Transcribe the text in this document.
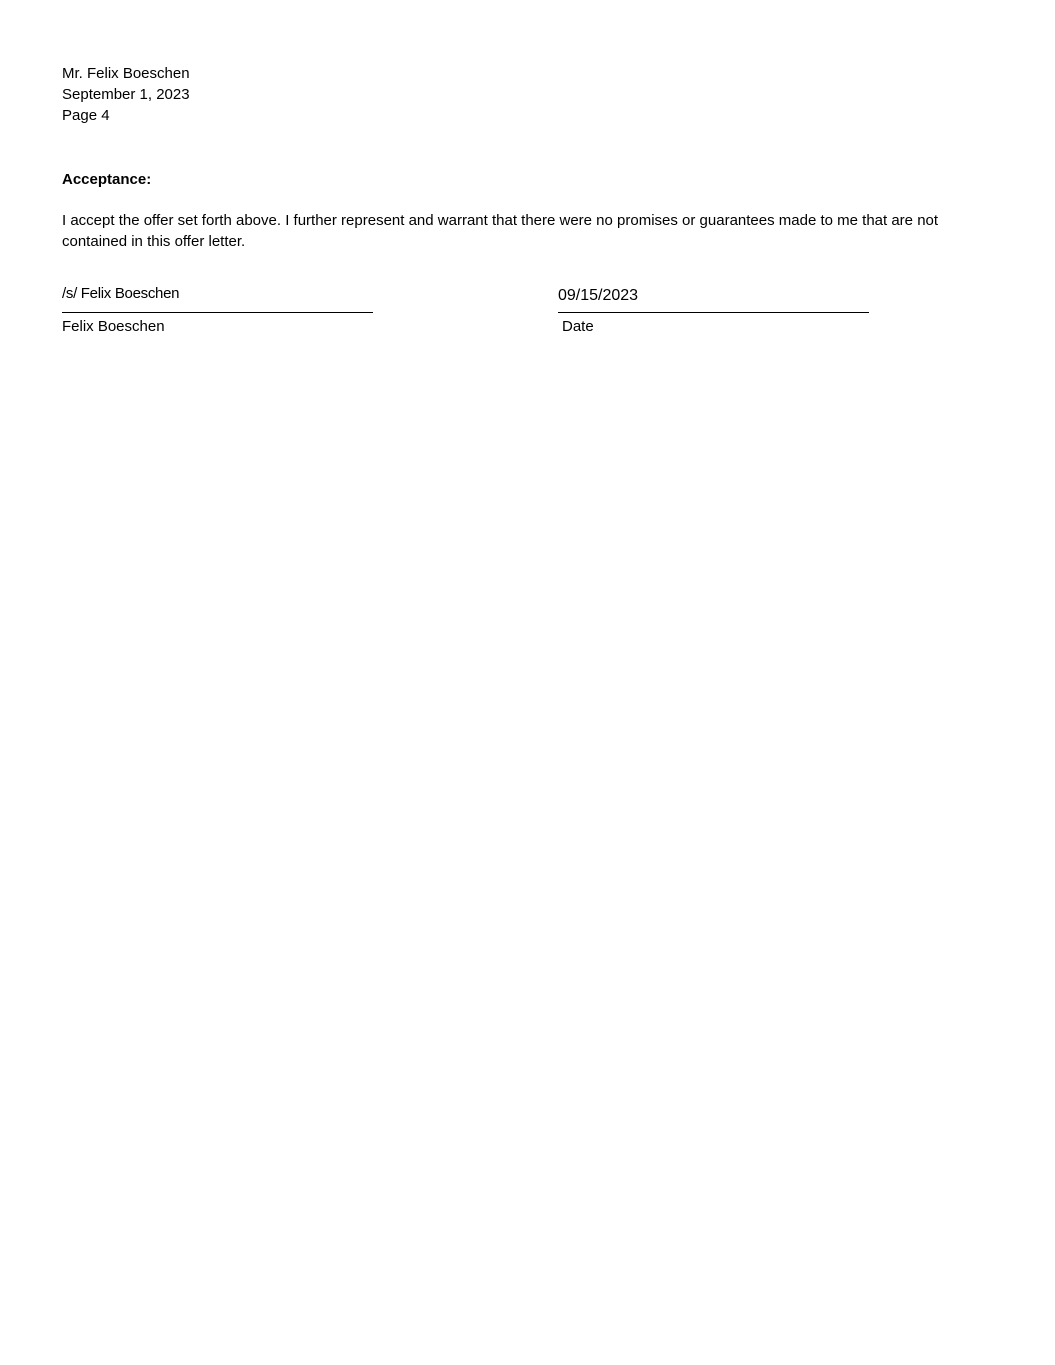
Mr. Felix Boeschen
September 1, 2023
Page 4
Acceptance:
I accept the offer set forth above. I further represent and warrant that there were no promises or guarantees made to me that are not contained in this offer letter.
/s/ Felix Boeschen
Felix Boeschen
09/15/2023
Date
